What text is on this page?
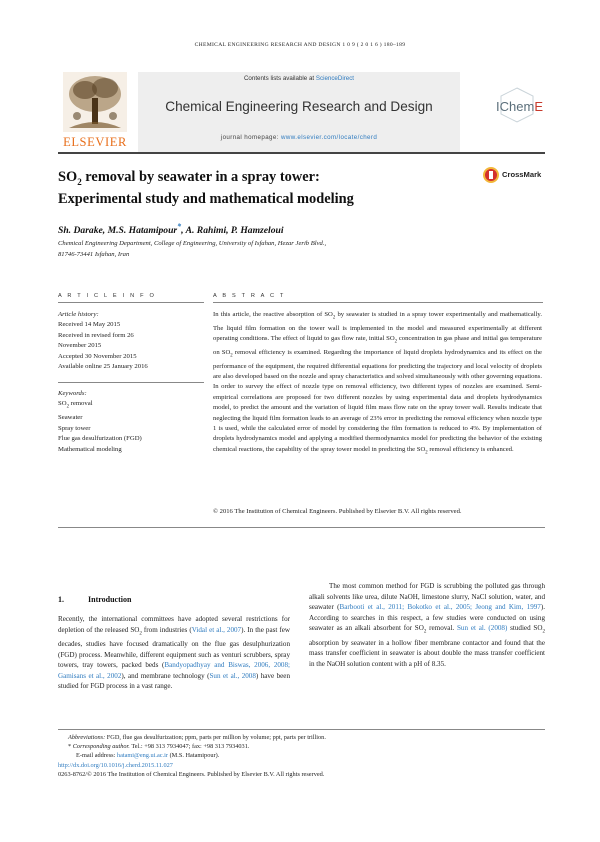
CHEMICAL ENGINEERING RESEARCH AND DESIGN 1 0 9 ( 2 0 1 6 ) 180–189
ELSEVIER
Contents lists available at ScienceDirect
Chemical Engineering Research and Design
journal homepage: www.elsevier.com/locate/cherd
IChemE
$SO_2$ removal by seawater in a spray tower:
Experimental study and mathematical modeling
CrossMark
Sh. Darake, M.S. Hatamipour*, A. Rahimi, P. Hamzeloui
Chemical Engineering Department, College of Engineering, University of Isfahan, Hezar Jerib Blvd.,
81746-73441 Isfahan, Iran
A R T I C L E I N F O	A B S T R A C T
Article history:
Received 14 May 2015
Received in revised form 26
November 2015
Accepted 30 November 2015
Available online 25 January 2016
Keywords:
$SO_2$ removal
Seawater
Spray tower
Flue gas desulfurization (FGD)
Mathematical modeling
In this article, the reactive absorption of $SO_2$ by seawater is studied in a spray tower experimentally and mathematically. The liquid film formation on the tower wall is implemented in the model and measured experimentally at different operating conditions. The effect of liquid to gas flow rate, initial $SO_2$ concentration in gas phase and initial gas temperature on $SO_2$ removal efficiency is examined. Regarding the importance of liquid droplets hydrodynamics and its effect on the performance of the equipment, the required differential equations for predicting the trajectory and local velocity of droplets are also developed based on the nozzle and spray characteristics and solved simultaneously with other governing equations. In order to survey the effect of nozzle type on removal efficiency, two different types of nozzles are examined. Semi-empirical correlations are proposed for two different nozzles by using experimental data and droplets hydrodynamics model, to predict the amount and the variation of liquid film mass flow rate on the spray tower wall. Results indicate that neglecting the liquid film formation leads to an average of 23% error in predicting the removal efficiency when nozzle type 1 is used, while the calculated error of model by considering the film formation is reduced to 4%. By implementation of droplets hydrodynamics model and applying a modified thermodynamics model for predicting the behavior of the existing chemical reactions, the capability of the spray tower model in predicting the $SO_2$ removal efficiency is enhanced.
© 2016 The Institution of Chemical Engineers. Published by Elsevier B.V. All rights reserved.
1.	Introduction
Recently, the international committees have adopted several restrictions for depletion of the released $SO_2$ from industries (Vidal et al., 2007). In the past few decades, studies have focused dramatically on the flue gas desulphurization (FGD) process. Meanwhile, different equipment such as venturi scrubbers, spray towers, tray towers, packed beds (Bandyopadhyay and Biswas, 2006, 2008; Gamisans et al., 2002), and membrane technology (Sun et al., 2008) have been studied for FGD process in a vast range.
The most common method for FGD is scrubbing the polluted gas through alkali solvents like urea, dilute NaOH, limestone slurry, NaCl solution, water, and seawater (Barbooti et al., 2011; Bokotko et al., 2005; Jeong and Kim, 1997). According to searches in this respect, a few studies were conducted on using seawater as an alkali absorbent for $SO_2$ removal. Sun et al. (2008) studied $SO_2$ absorption by seawater in a hollow fiber membrane contactor and found that the mass transfer coefficient in seawater is about double the mass transfer coefficient in the NaOH solution content with a pH of 8.35.
Abbreviations: FGD, flue gas desulfurization; ppm, parts per million by volume; ppt, parts per trillion.
* Corresponding author. Tel.: +98 313 7934047; fax: +98 313 7934031.
E-mail address: hatami@eng.ui.ac.ir (M.S. Hatamipour).
http://dx.doi.org/10.1016/j.cherd.2015.11.027
0263-8762/© 2016 The Institution of Chemical Engineers. Published by Elsevier B.V. All rights reserved.
